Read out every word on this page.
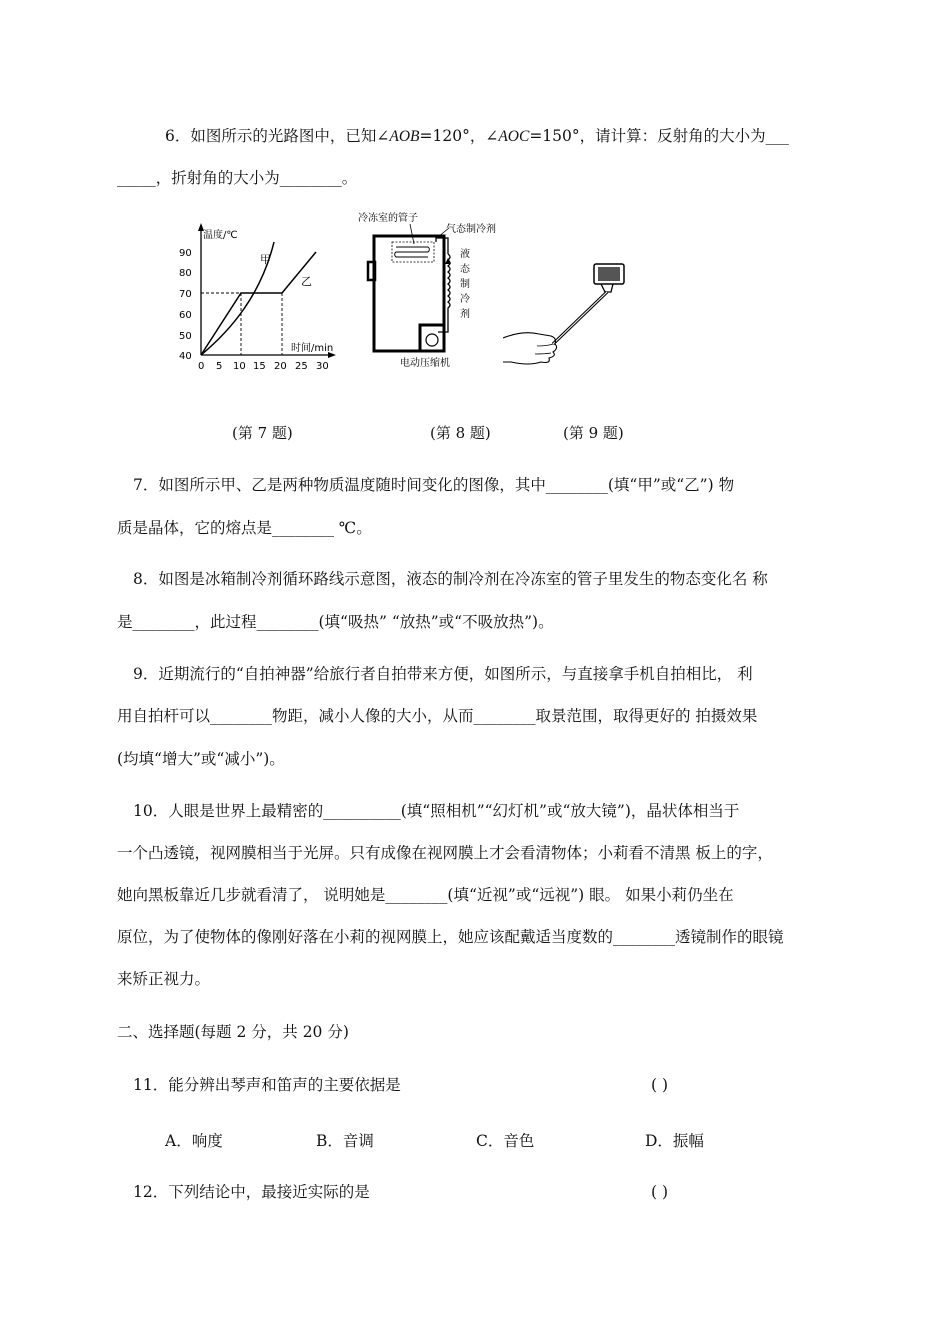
6．如图所示的光路图中，已知∠AOB=120°，∠AOC=150°，请计算：反射角的大小为___
_____，折射角的大小为________。
温度/℃
时间/min
90
80
70
60
50
40
0 5 10 15 20 25 30
甲
乙
冷冻室的管子
气态制冷剂
液
态
制
冷
剂
电动压缩机
(第 7 题)	(第 8 题)	(第 9 题)
7．如图所示甲、乙是两种物质温度随时间变化的图像，其中________(填“甲”或“乙”) 物
质是晶体，它的熔点是________ ℃。
8．如图是冰箱制冷剂循环路线示意图，液态的制冷剂在冷冻室的管子里发生的物态变化名 称
是________，此过程________(填“吸热” “放热”或“不吸放热”)。
9．近期流行的“自拍神器”给旅行者自拍带来方便，如图所示，与直接拿手机自拍相比， 利
用自拍杆可以________物距，减小人像的大小，从而________取景范围，取得更好的 拍摄效果
(均填“增大”或“减小”)。
10．人眼是世界上最精密的__________(填“照相机”“幻灯机”或“放大镜”)，晶状体相当于
一个凸透镜，视网膜相当于光屏。只有成像在视网膜上才会看清物体；小莉看不清黑 板上的字，
她向黑板靠近几步就看清了， 说明她是________(填“近视”或“远视”) 眼。 如果小莉仍坐在
原位，为了使物体的像刚好落在小莉的视网膜上，她应该配戴适当度数的________透镜制作的眼镜
来矫正视力。
二、选择题(每题 2 分，共 20 分)
11．能分辨出琴声和笛声的主要依据是	( )
A．响度	B．音调	C．音色	D．振幅
12．下列结论中，最接近实际的是	( )
